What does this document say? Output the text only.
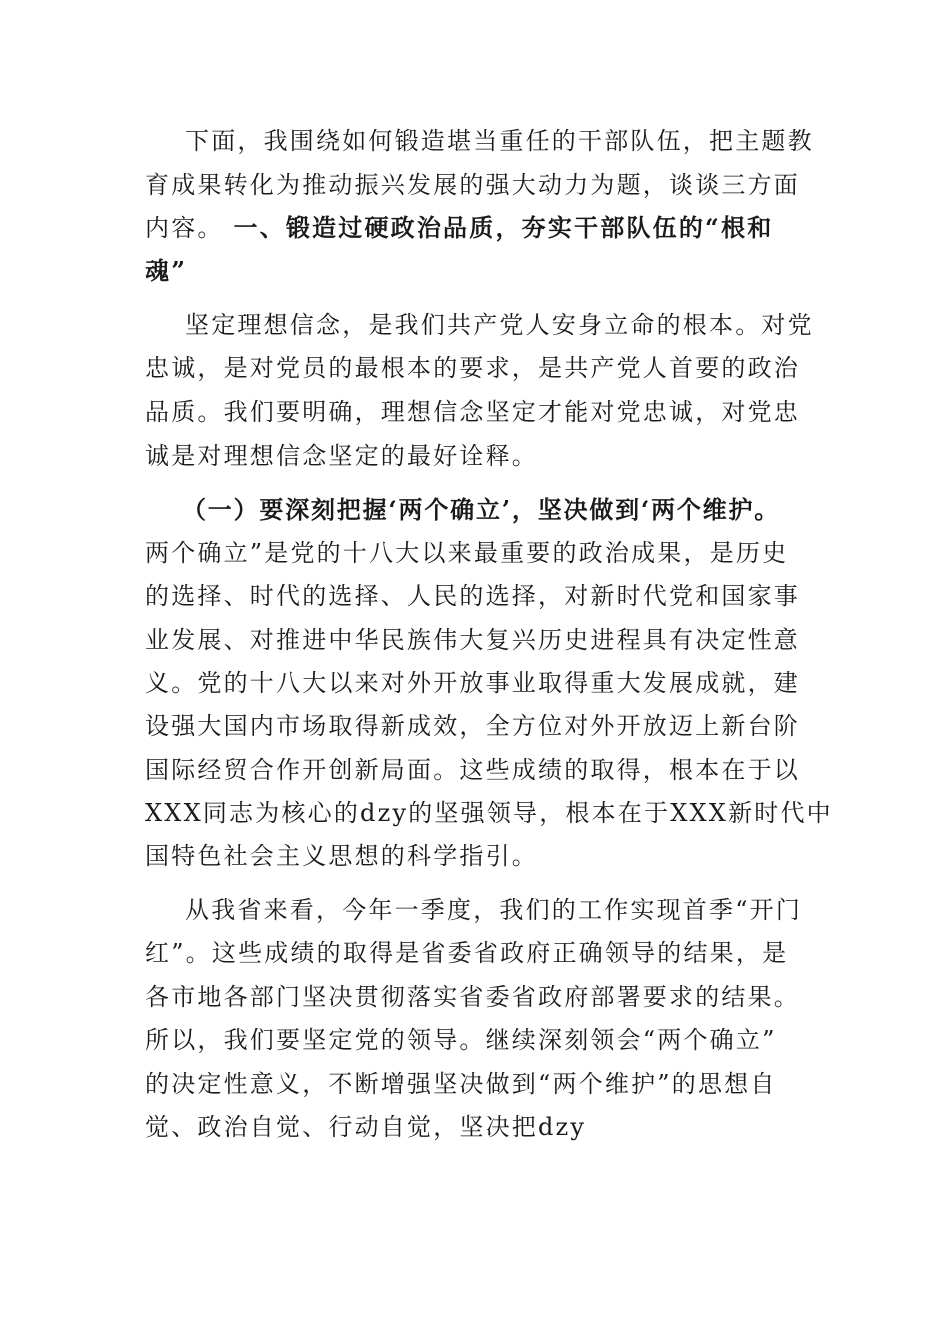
下面，我围绕如何锻造堪当重任的干部队伍，把主题教
育成果转化为推动振兴发展的强大动力为题，谈谈三方面
内容。 一、锻造过硬政治品质，夯实干部队伍的“根和
魂”
坚定理想信念，是我们共产党人安身立命的根本。对党
忠诚，是对党员的最根本的要求，是共产党人首要的政治
品质。我们要明确，理想信念坚定才能对党忠诚，对党忠
诚是对理想信念坚定的最好诠释。
（一）要深刻把握‘两个确立’，坚决做到‘两个维护。
两个确立”是党的十八大以来最重要的政治成果，是历史
的选择、时代的选择、人民的选择，对新时代党和国家事
业发展、对推进中华民族伟大复兴历史进程具有决定性意
义。党的十八大以来对外开放事业取得重大发展成就，建
设强大国内市场取得新成效，全方位对外开放迈上新台阶
国际经贸合作开创新局面。这些成绩的取得，根本在于以
XXX同志为核心的dzy的坚强领导，根本在于XXX新时代中
国特色社会主义思想的科学指引。
从我省来看，今年一季度，我们的工作实现首季“开门
红”。这些成绩的取得是省委省政府正确领导的结果，是
各市地各部门坚决贯彻落实省委省政府部署要求的结果。
所以，我们要坚定党的领导。继续深刻领会“两个确立”
的决定性意义，不断增强坚决做到“两个维护”的思想自
觉、政治自觉、行动自觉，坚决把dzy
